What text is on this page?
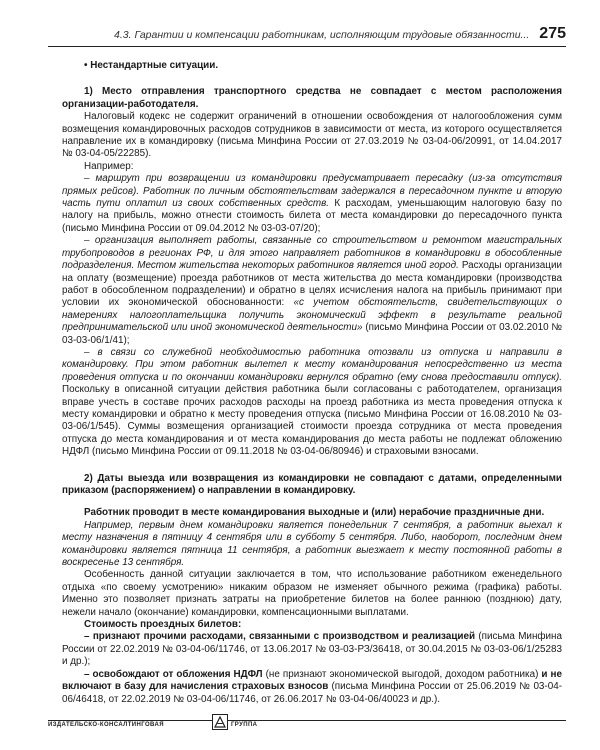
4.3. Гарантии и компенсации работникам, исполняющим трудовые обязанности... 275

• Нестандартные ситуации.

1) Место отправления транспортного средства не совпадает с местом расположения организации-работодателя.

Налоговый кодекс не содержит ограничений в отношении освобождения от налогообложения сумм возмещения командировочных расходов сотрудников в зависимости от места, из которого осуществляется направление их в командировку (письма Минфина России от 27.03.2019 № 03-04-06/20991, от 14.04.2017 № 03-04-05/22285).

Например:

– маршрут при возвращении из командировки предусматривает пересадку (из-за отсутствия прямых рейсов). Работник по личным обстоятельствам задержался в пересадочном пункте и вторую часть пути оплатил из своих собственных средств. К расходам, уменьшающим налоговую базу по налогу на прибыль, можно отнести стоимость билета от места командировки до пересадочного пункта (письмо Минфина России от 09.04.2012 № 03-03-07/20);

– организация выполняет работы, связанные со строительством и ремонтом магистральных трубопроводов в регионах РФ, и для этого направляет работников в командировки в обособленные подразделения. Местом жительства некоторых работников является иной город. Расходы организации на оплату (возмещение) проезда работников от места жительства до места командировки (производства работ в обособленном подразделении) и обратно в целях исчисления налога на прибыль принимают при условии их экономической обоснованности: «с учетом обстоятельств, свидетельствующих о намерениях налогоплательщика получить экономический эффект в результате реальной предпринимательской или иной экономической деятельности» (письмо Минфина России от 03.02.2010 № 03-03-06/1/41);

– в связи со служебной необходимостью работника отозвали из отпуска и направили в командировку. При этом работник вылетел к месту командирования непосредственно из места проведения отпуска и по окончании командировки вернулся обратно (ему снова предоставили отпуск). Поскольку в описанной ситуации действия работника были согласованы с работодателем, организация вправе учесть в составе прочих расходов расходы на проезд работника из места проведения отпуска к месту командировки и обратно к месту проведения отпуска (письмо Минфина России от 16.08.2010 № 03-03-06/1/545). Суммы возмещения организацией стоимости проезда сотрудника от места проведения отпуска до места командирования и от места командирования до места работы не подлежат обложению НДФЛ (письмо Минфина России от 09.11.2018 № 03-04-06/80946) и страховыми взносами.

2) Даты выезда или возвращения из командировки не совпадают с датами, определенными приказом (распоряжением) о направлении в командировку.

Работник проводит в месте командирования выходные и (или) нерабочие праздничные дни.

Например, первым днем командировки является понедельник 7 сентября, а работник выехал к месту назначения в пятницу 4 сентября или в субботу 5 сентября. Либо, наоборот, последним днем командировки является пятница 11 сентября, а работник выезжает к месту постоянной работы в воскресенье 13 сентября.

Особенность данной ситуации заключается в том, что использование работником еженедельного отдыха «по своему усмотрению» никаким образом не изменяет обычного режима (графика) работы. Именно это позволяет признать затраты на приобретение билетов на более раннюю (позднюю) дату, нежели начало (окончание) командировки, компенсационными выплатами.

Стоимость проездных билетов:

– признают прочими расходами, связанными с производством и реализацией (письма Минфина России от 22.02.2019 № 03-04-06/11746, от 13.06.2017 № 03-03-РЗ/36418, от 30.04.2015 № 03-03-06/1/25283 и др.);

– освобождают от обложения НДФЛ (не признают экономической выгодой, доходом работника) и не включают в базу для начисления страховых взносов (письма Минфина России от 25.06.2019 № 03-04-06/46418, от 22.02.2019 № 03-04-06/11746, от 26.06.2017 № 03-04-06/40023 и др.).

ИЗДАТЕЛЬСКО-КОНСАЛТИНГОВАЯ	ГРУППА
